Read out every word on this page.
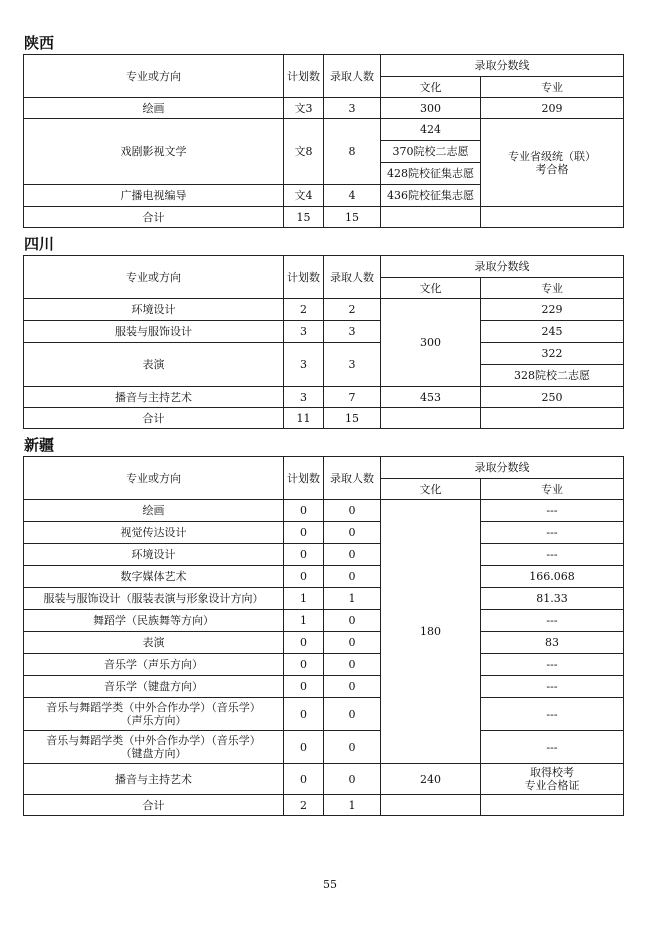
陕西
专业或方向	计划数	录取人数	录取分数线	
			文化	专业
绘画	文3	3	300	209
戏剧影视文学	文8	8	424	专业省级统（联）考合格
			370院校二志愿	
			428院校征集志愿	
广播电视编导	文4	4	436院校征集志愿	
合计	15	15		
四川
专业或方向	计划数	录取人数	录取分数线	
			文化	专业
环境设计	2	2	300	229
服装与服饰设计	3	3		245
表演	3	3		322
				328院校二志愿
播音与主持艺术	3	7	453	250
合计	11	15		
新疆
专业或方向	计划数	录取人数	录取分数线	
			文化	专业
绘画	0	0	180	---
视觉传达设计	0	0		---
环境设计	0	0		---
数字媒体艺术	0	0		166.068
服装与服饰设计（服装表演与形象设计方向）	1	1		81.33
舞蹈学（民族舞等方向）	1	0		---
表演	0	0		83
音乐学（声乐方向）	0	0		---
音乐学（键盘方向）	0	0		---

音乐与舞蹈学类（中外合作办学）（音乐学）
（声乐方向）	0	0		---

音乐与舞蹈学类（中外合作办学）（音乐学）
（键盘方向）	0	0		---
播音与主持艺术	0	0	240	取得校考
专业合格证

合计	2	1		
55
